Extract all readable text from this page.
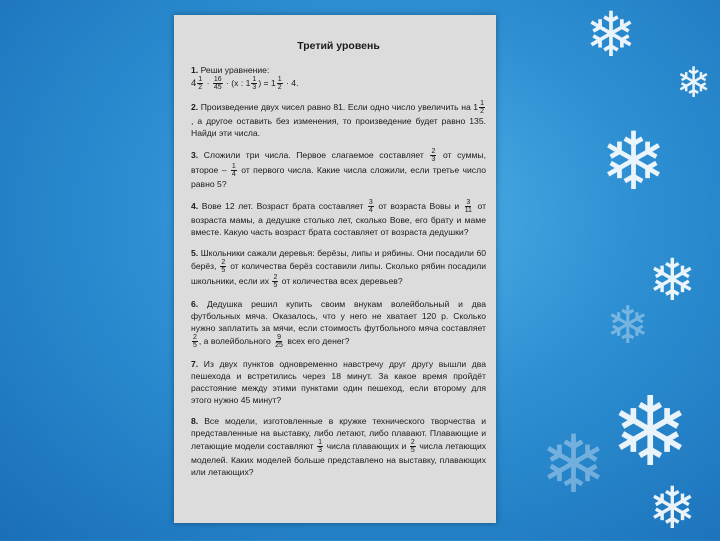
❄
❄
❄
❄
❄
❄
❄ ❄
Третий уровень
1. Реши уравнение:
$4 \frac{1}{2} \cdot \frac{16}{45} \cdot (x$ : $1 \frac{1}{3}$ ) = $1 \frac{1}{2} \cdot 4$.
2. Произведение двух чисел равно 81. Если одно число увеличить на $1 \frac{1}{2}$
, а другое оставить без изменения, то произведение будет равно 135. Найди эти числа.
3. Сложили три числа. Первое слагаемое составляет $\frac{2}{3}$ от суммы, второе – $\frac{1}{4}$ от первого числа. Какие числа сложили, если третье число равно 5?
4. Вове 12 лет. Возраст брата составляет $\frac{3}{4}$ от возраста Вовы и $\frac{3}{11}$ от возраста мамы, а дедушке столько лет, сколько Вове, его брату и маме вместе. Какую часть возраст брата составляет от возраста дедушки?
5. Школьники сажали деревья: берёзы, липы и рябины. Они посадили 60 берёз, $\frac{2}{5}$ от количества берёз составили липы. Сколько рябин посадили школьники, если их $\frac{2}{5}$ от количества всех деревьев?
6. Дедушка решил купить своим внукам волейбольный и два футбольных мяча. Оказалось, что у него не хватает 120 р. Сколько нужно заплатить за мячи, если стоимость футбольного мяча составляет
$\frac{2}{5}$ , а волейбольного $\frac{9}{25}$ всех его денег?
7. Из двух пунктов одновременно навстречу друг другу вышли два пешехода и встретились через 18 минут. За какое время пройдёт расстояние между этими пунктами один пешеход, если второму для этого нужно 45 минут?
8. Все модели, изготовленные в кружке технического творчества и представленные на выставку, либо летают, либо плавают. Плавающие и летающие модели составляют $\frac{1}{3}$ числа плавающих и $\frac{2}{5}$ числа летающих моделей. Каких моделей больше представлено на выставку, плавающих или летающих?
